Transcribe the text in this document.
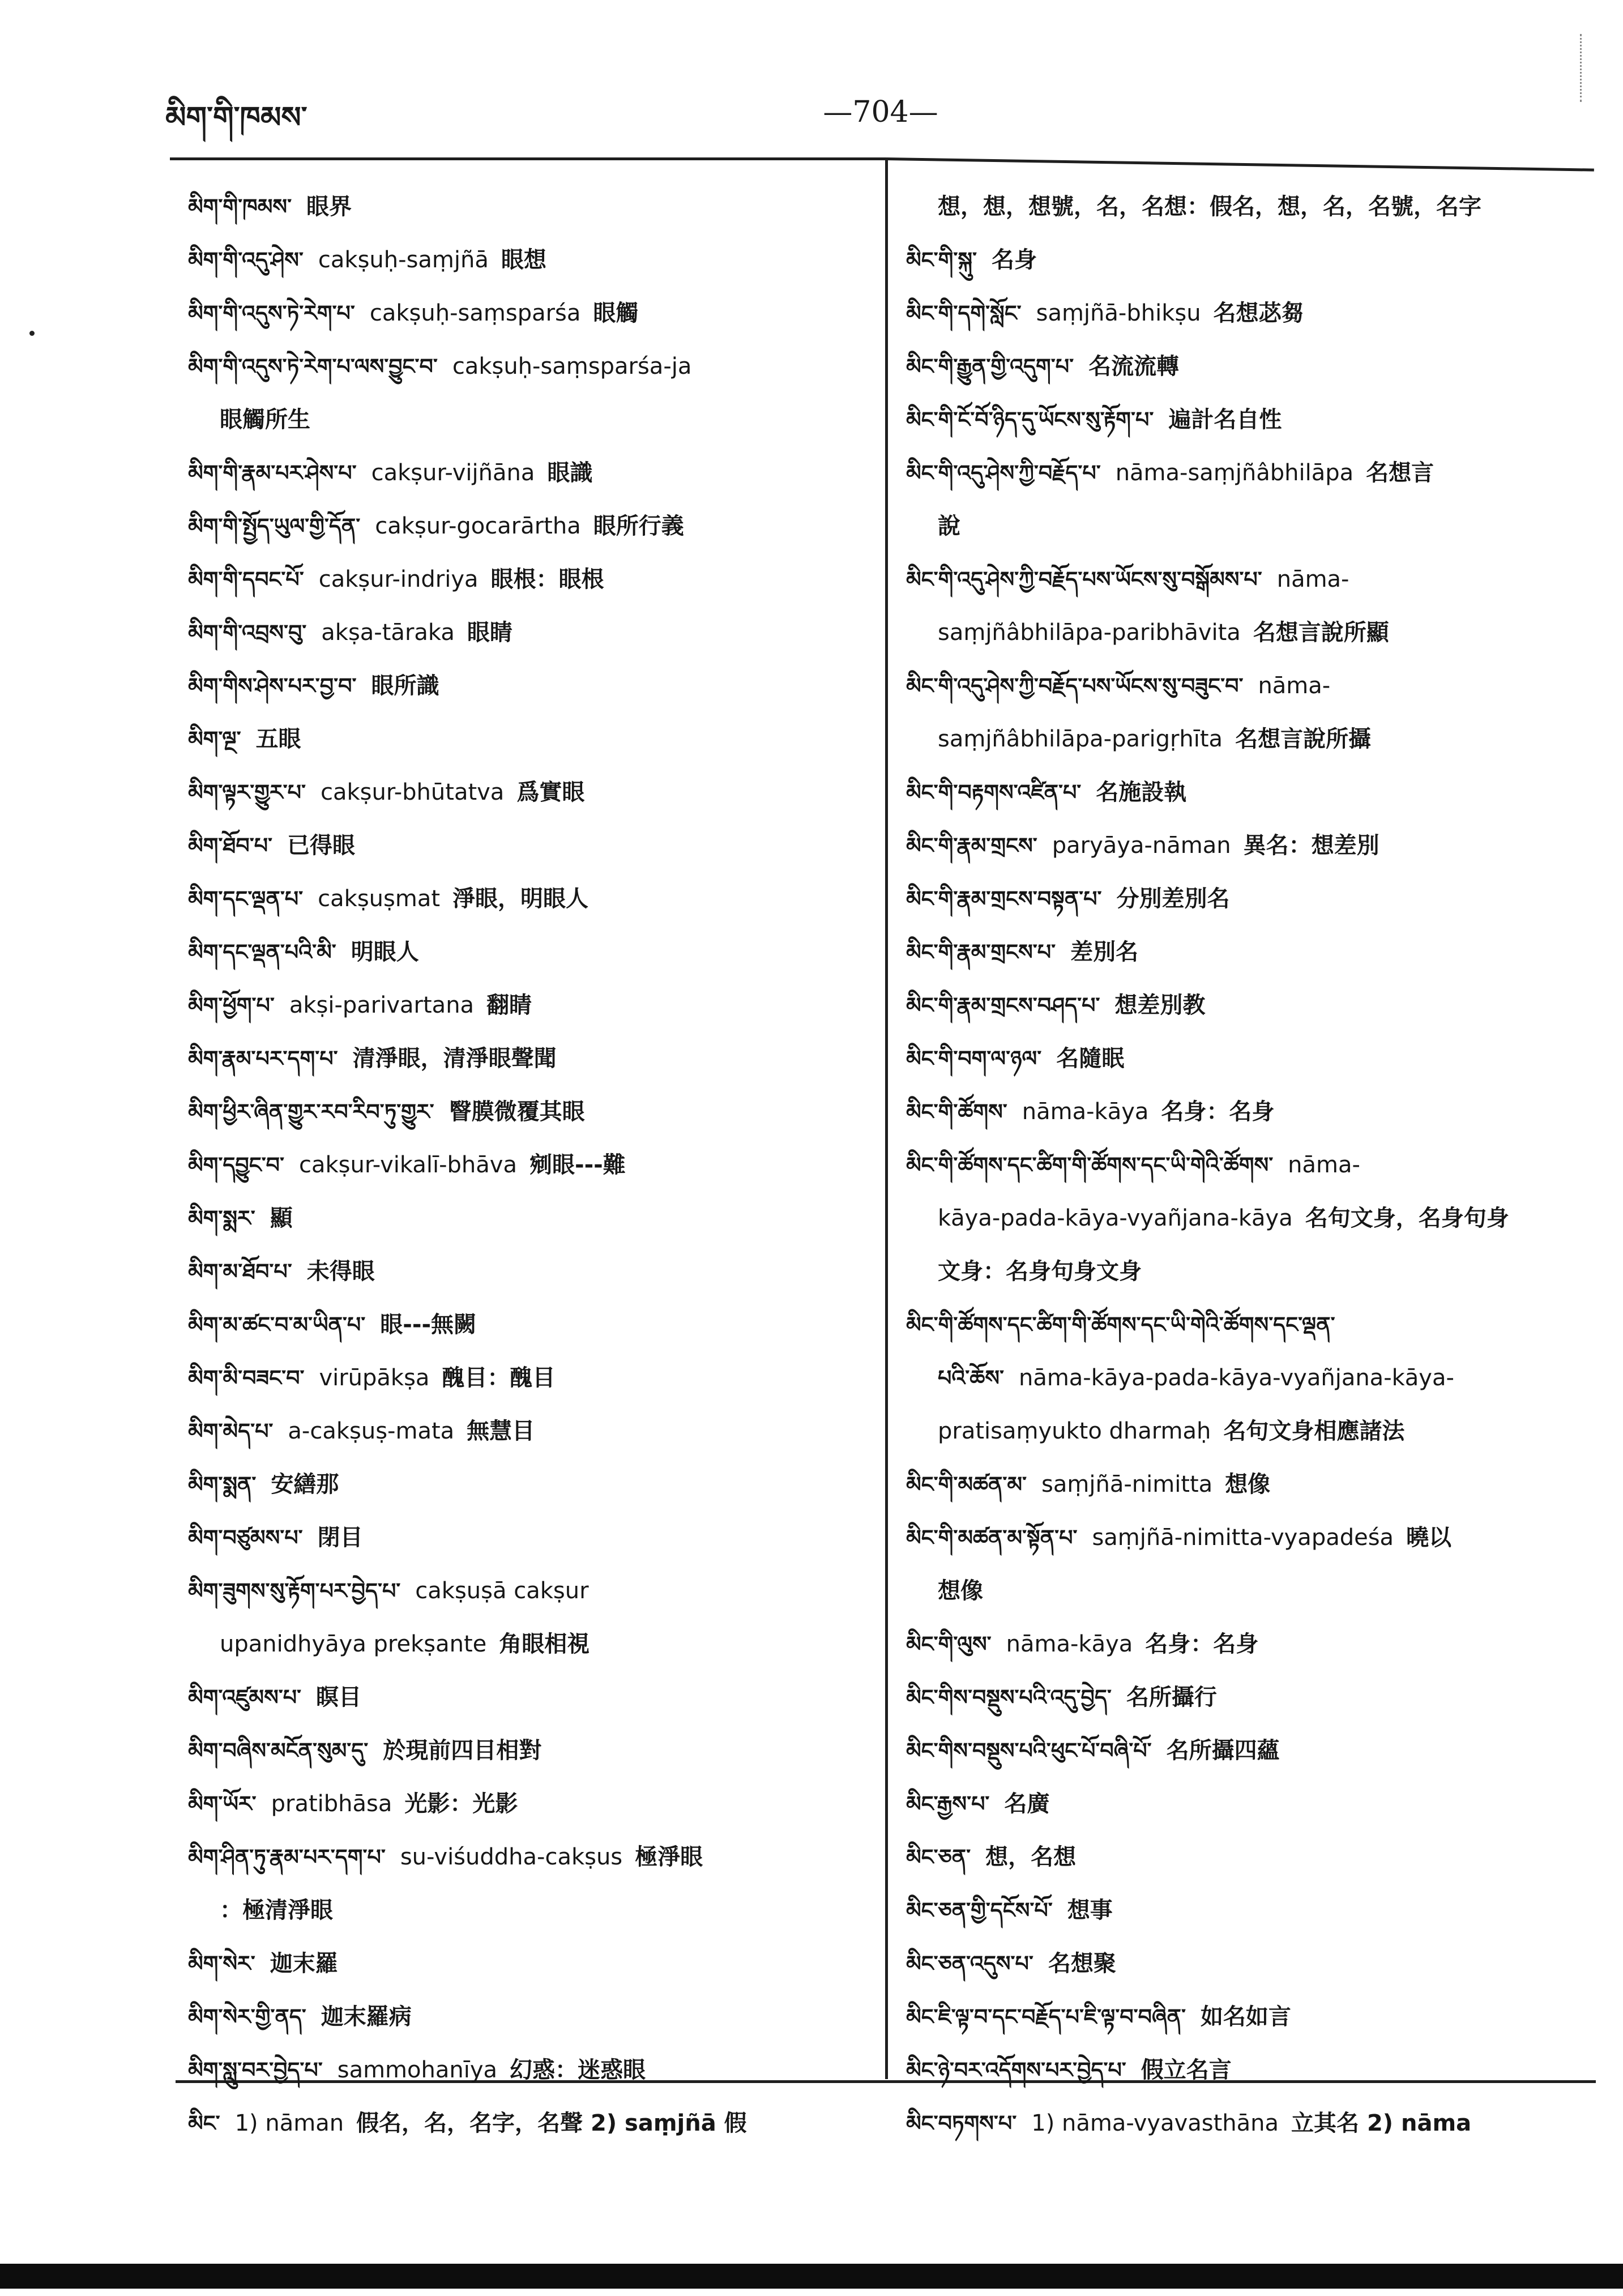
མིག་གི་ཁམས་	—704—
མིག་གི་ཁམས་ 眼界
མིག་གི་འདུ་ཤེས་ cakṣuḥ-saṃjñā 眼想
མིག་གི་འདུས་ཏེ་རེག་པ་ cakṣuḥ-saṃsparśa 眼觸
མིག་གི་འདུས་ཏེ་རེག་པ་ལས་བྱུང་བ་ cakṣuḥ-saṃsparśa-ja
眼觸所生
མིག་གི་རྣམ་པར་ཤེས་པ་ cakṣur-vijñāna 眼識
མིག་གི་སྤྱོད་ཡུལ་གྱི་དོན་ cakṣur-gocarārtha 眼所行義
མིག་གི་དབང་པོ་ cakṣur-indriya 眼根：眼根
མིག་གི་འབྲས་བུ་ akṣa-tāraka 眼睛
མིག་གིས་ཤེས་པར་བྱ་བ་ 眼所識
མིག་ལྔ་ 五眼
མིག་ལྟར་གྱུར་པ་ cakṣur-bhūtatva 爲實眼
མིག་ཐོབ་པ་ 已得眼
མིག་དང་ལྡན་པ་ cakṣuṣmat 淨眼，明眼人
མིག་དང་ལྡན་པའི་མི་ 明眼人
མིག་ཕྱོག་པ་ akṣi-parivartana 翻睛
མིག་རྣམ་པར་དག་པ་ 清淨眼，清淨眼聲聞
མིག་ཕྱིར་ཞིན་གྱུར་རབ་རིབ་ཏུ་གྱུར་ 瞖膜微覆其眼
མིག་དབྱུང་བ་ cakṣur-vikalī-bhāva 剜眼---難
མིག་སྨར་ 顯
མིག་མ་ཐོབ་པ་ 未得眼
མིག་མ་ཚང་བ་མ་ཡིན་པ་ 眼---無闕
མིག་མི་བཟང་བ་ virūpākṣa 醜目：醜目
མིག་མེད་པ་ a-cakṣuṣ-mata 無慧目
མིག་སྨན་ 安繕那
མིག་བཙུམས་པ་ 閉目
མིག་ཟུགས་སུ་རྟོག་པར་བྱེད་པ་ cakṣuṣā cakṣur
upanidhyāya prekṣante 角眼相視
མིག་འཛུམས་པ་ 瞑目
མིག་བཞིས་མངོན་སུམ་དུ་ 於現前四目相對
མིག་ཡོར་ pratibhāsa 光影：光影
མིག་ཤིན་ཏུ་རྣམ་པར་དག་པ་ su-viśuddha-cakṣus 極淨眼
：極清淨眼
མིག་སེར་ 迦末羅
མིག་སེར་གྱི་ནད་ 迦末羅病
མིག་སླུ་བར་བྱེད་པ་ sammohanīya 幻惑：迷惑眼
མིང་ 1) nāman 假名，名，名字，名聲 2) saṃjñā 假
想，想，想號，名，名想：假名，想，名，名號，名字
མིང་གི་སྐུ་ 名身
མིང་གི་དགེ་སློང་ saṃjñā-bhikṣu 名想苾芻
མིང་གི་རྒྱུན་གྱི་འདུག་པ་ 名流流轉
མིང་གི་ངོ་བོ་ཉིད་དུ་ཡོངས་སུ་རྟོག་པ་ 遍計名自性
མིང་གི་འདུ་ཤེས་ཀྱི་བརྗོད་པ་ nāma-saṃjñâbhilāpa 名想言
說
མིང་གི་འདུ་ཤེས་ཀྱི་བརྗོད་པས་ཡོངས་སུ་བསྒོམས་པ་ nāma-
saṃjñâbhilāpa-paribhāvita 名想言說所顯
མིང་གི་འདུ་ཤེས་ཀྱི་བརྗོད་པས་ཡོངས་སུ་བཟུང་བ་ nāma-
saṃjñâbhilāpa-parigṛhīta 名想言說所攝
མིང་གི་བརྟགས་འཛིན་པ་ 名施設執
མིང་གི་རྣམ་གྲངས་ paryāya-nāman 異名：想差別
མིང་གི་རྣམ་གྲངས་བསྟན་པ་ 分別差別名
མིང་གི་རྣམ་གྲངས་པ་ 差別名
མིང་གི་རྣམ་གྲངས་བཤད་པ་ 想差別教
མིང་གི་བག་ལ་ཉལ་ 名隨眠
མིང་གི་ཚོགས་ nāma-kāya 名身：名身
མིང་གི་ཚོགས་དང་ཚིག་གི་ཚོགས་དང་ཡི་གེའི་ཚོགས་ nāma-
kāya-pada-kāya-vyañjana-kāya 名句文身，名身句身
文身：名身句身文身
མིང་གི་ཚོགས་དང་ཚིག་གི་ཚོགས་དང་ཡི་གེའི་ཚོགས་དང་ལྡན་
པའི་ཆོས་ nāma-kāya-pada-kāya-vyañjana-kāya-
pratisaṃyukto dharmaḥ 名句文身相應諸法
མིང་གི་མཚན་མ་ saṃjñā-nimitta 想像
མིང་གི་མཚན་མ་སྟོན་པ་ saṃjñā-nimitta-vyapadeśa 曉以
想像
མིང་གི་ལུས་ nāma-kāya 名身：名身
མིང་གིས་བསྡུས་པའི་འདུ་བྱེད་ 名所攝行
མིང་གིས་བསྡུས་པའི་ཕུང་པོ་བཞི་པོ་ 名所攝四蘊
མིང་རྒྱས་པ་ 名廣
མིང་ཅན་ 想，名想
མིང་ཅན་གྱི་དངོས་པོ་ 想事
མིང་ཅན་འདུས་པ་ 名想聚
མིང་ཇི་ལྟ་བ་དང་བརྗོད་པ་ཇི་ལྟ་བ་བཞིན་ 如名如言
མིང་ཉེ་བར་འདོགས་པར་བྱེད་པ་ 假立名言
མིང་བཏགས་པ་ 1) nāma-vyavasthāna 立其名 2) nāma
